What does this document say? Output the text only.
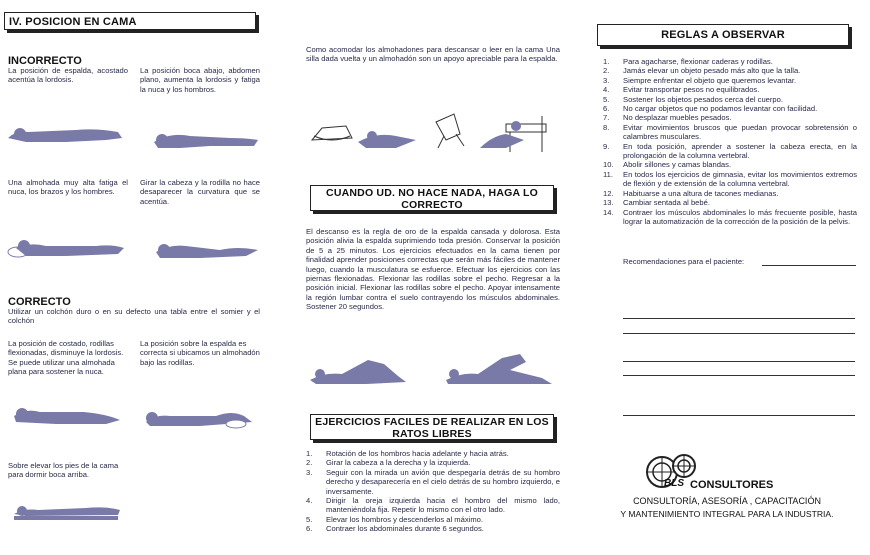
IV. POSICION EN CAMA
INCORRECTO
La posición de espalda, acostado acentúa la lordosis.
La posición boca abajo, abdomen plano, aumenta la lordosis y fatiga la nuca y los hombros.
Una almohada muy alta fatiga el nuca, los brazos y los hombres.
Girar la cabeza y la rodilla no hace desaparecer la curvatura que se acentúa.
CORRECTO
Utilizar un colchón duro o en su defecto una tabla entre el somier y el colchón
La posición de costado, rodillas flexionadas, disminuye la lordosis. Se puede utilizar una almohada plana para sostener la nuca.
La posición sobre la espalda es correcta si ubicamos un almohadón bajo las rodillas.
Sobre elevar los pies de la cama para dormir boca arriba.
Como acomodar los almohadones para descansar o leer en la cama Una silla dada vuelta y un almohadón son un apoyo apreciable para la espalda.
CUANDO UD. NO HACE NADA, HAGA LO CORRECTO
El descanso es la regla de oro de la espalda cansada y dolorosa. Esta posición alivia la espalda suprimiendo toda presión. Conservar la posición de 5 a 25 minutos. Los ejercicios efectuados en la cama tienen por finalidad aprender posiciones correctas que serán más fáciles de mantener luego, cuando la musculatura se esfuerce. Efectuar los ejercicios con las piernas flexionadas. Flexionar las rodillas sobre el pecho. Regresar a la posición inicial. Flexionar las rodillas sobre el pecho. Apoyar intensamente la región lumbar contra el suelo contrayendo los músculos abdominales. Sostener 20 segundos.
EJERCICIOS FACILES DE REALIZAR EN LOS RATOS LIBRES
1. Rotación de los hombros hacia adelante y hacia atrás.
2. Girar la cabeza a la derecha y la izquierda.
3. Seguir con la mirada un avión que despegaría detrás de su hombro derecho y desaparecería en el cielo detrás de su hombro izquierdo, e inversamente.
4. Dirigir la oreja izquierda hacia el hombro del mismo lado, manteniéndola fija. Repetir lo mismo con el otro lado.
5. Elevar los hombros y descenderlos al máximo.
6. Contraer los abdominales durante 6 segundos.
REGLAS A OBSERVAR
1. Para agacharse, flexionar caderas y rodillas.
2. Jamás elevar un objeto pesado más alto que la talla.
3. Siempre enfrentar el objeto que queremos levantar.
4. Evitar transportar pesos no equilibrados.
5. Sostener los objetos pesados cerca del cuerpo.
6. No cargar objetos que no podamos levantar con facilidad.
7. No desplazar muebles pesados.
8. Evitar movimientos bruscos que puedan provocar sobretensión o calambres musculares.
9. En toda posición, aprender a sostener la cabeza erecta, en la prolongación de la columna vertebral.
10. Abolir sillones y camas blandas.
11. En todos los ejercicios de gimnasia, evitar los movimientos extremos de flexión y de extensión de la columna vertebral.
12. Habituarse a una altura de tacones medianas.
13. Cambiar sentada al bebé.
14. Contraer los músculos abdominales lo más frecuente posible, hasta lograr la automatización de la corrección de la posición de la pelvis.
Recomendaciones para el paciente:
BLS CONSULTORES
CONSULTORÍA, ASESORÍA , CAPACITACIÓN
Y MANTENIMIENTO INTEGRAL PARA LA INDUSTRIA.
